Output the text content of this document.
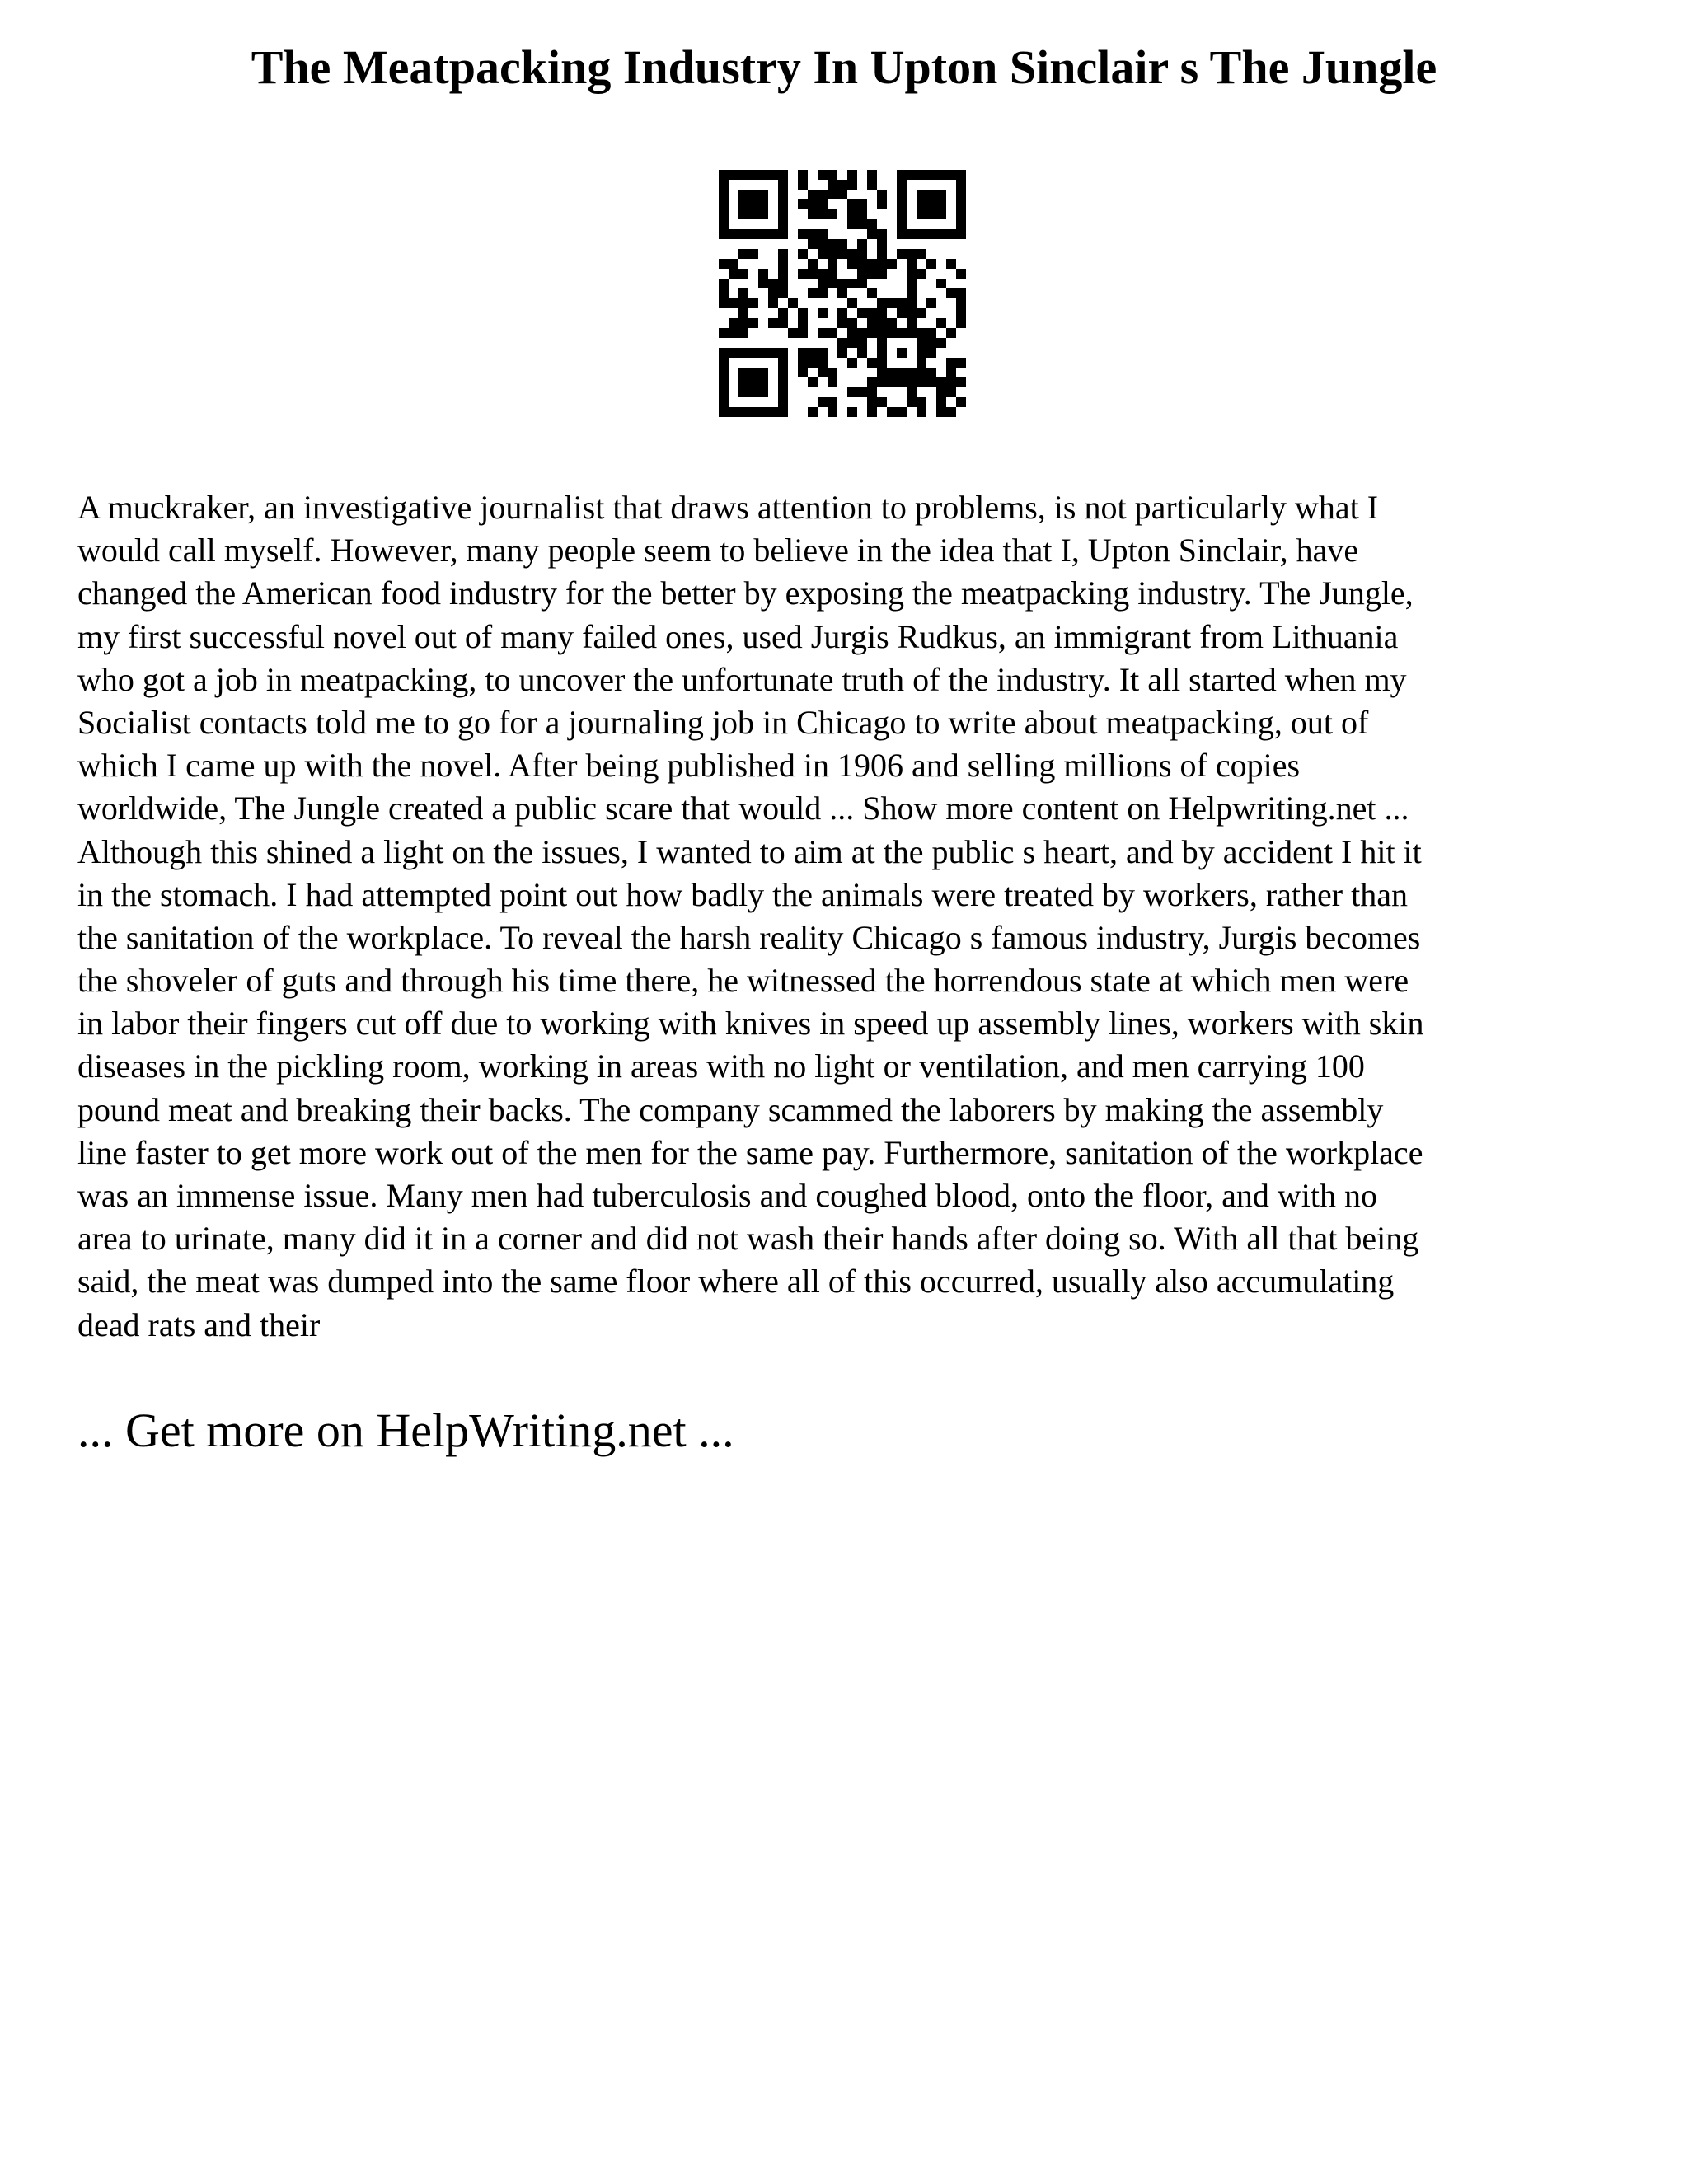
The Meatpacking Industry In Upton Sinclair s The Jungle
A muckraker, an investigative journalist that draws attention to problems, is not particularly what I
would call myself. However, many people seem to believe in the idea that I, Upton Sinclair, have
changed the American food industry for the better by exposing the meatpacking industry. The Jungle,
my first successful novel out of many failed ones, used Jurgis Rudkus, an immigrant from Lithuania
who got a job in meatpacking, to uncover the unfortunate truth of the industry. It all started when my
Socialist contacts told me to go for a journaling job in Chicago to write about meatpacking, out of
which I came up with the novel. After being published in 1906 and selling millions of copies
worldwide, The Jungle created a public scare that would ... Show more content on Helpwriting.net ...
Although this shined a light on the issues, I wanted to aim at the public s heart, and by accident I hit it
in the stomach. I had attempted point out how badly the animals were treated by workers, rather than
the sanitation of the workplace. To reveal the harsh reality Chicago s famous industry, Jurgis becomes
the shoveler of guts and through his time there, he witnessed the horrendous state at which men were
in labor their fingers cut off due to working with knives in speed up assembly lines, workers with skin
diseases in the pickling room, working in areas with no light or ventilation, and men carrying 100
pound meat and breaking their backs. The company scammed the laborers by making the assembly
line faster to get more work out of the men for the same pay. Furthermore, sanitation of the workplace
was an immense issue. Many men had tuberculosis and coughed blood, onto the floor, and with no
area to urinate, many did it in a corner and did not wash their hands after doing so. With all that being
said, the meat was dumped into the same floor where all of this occurred, usually also accumulating
dead rats and their

... Get more on HelpWriting.net ...
